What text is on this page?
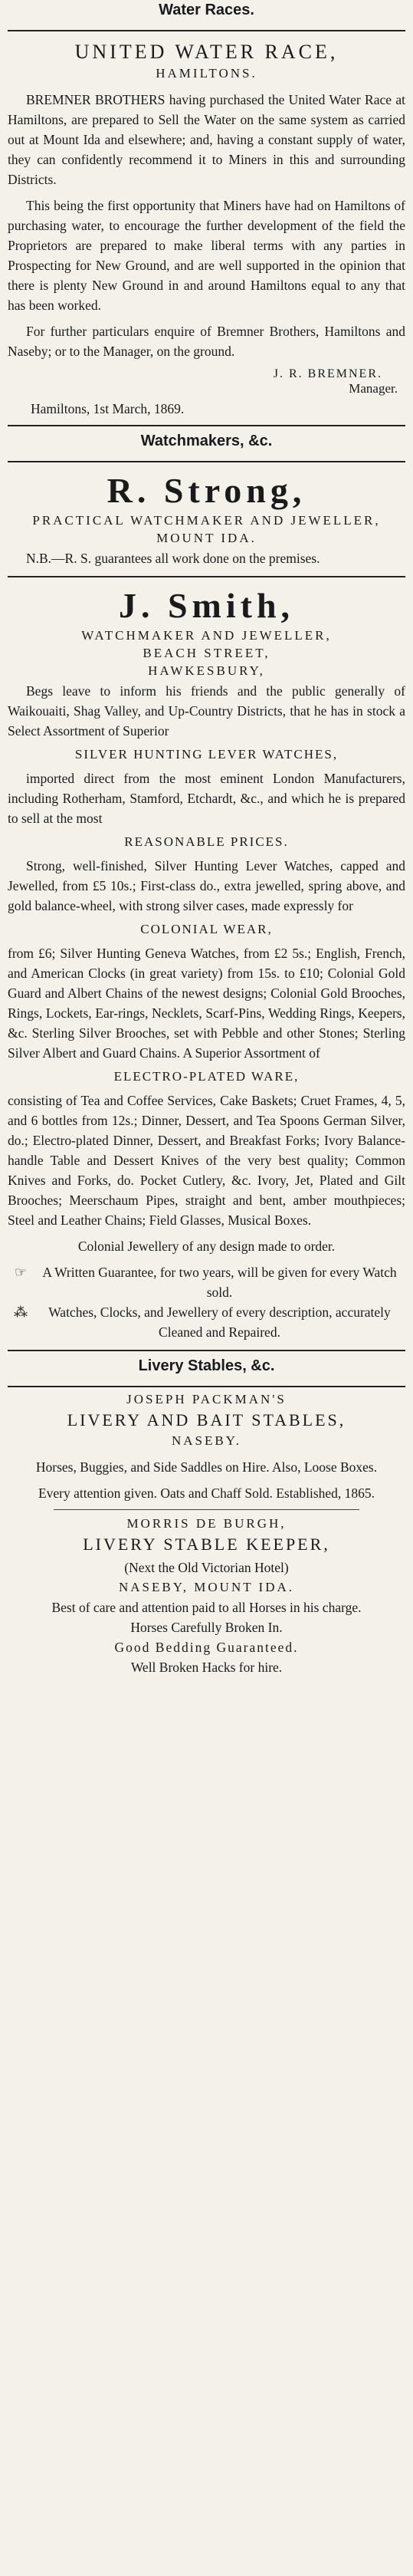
Water Races.
UNITED WATER RACE,
HAMILTONS.

BREMNER BROTHERS having purchased the United Water Race at Hamiltons, are prepared to Sell the Water on the same system as carried out at Mount Ida and elsewhere; and, having a constant supply of water, they can confidently recommend it to Miners in this and surrounding Districts.

This being the first opportunity that Miners have had on Hamiltons of purchasing water, to encourage the further development of the field the Proprietors are prepared to make liberal terms with any parties in Prospecting for New Ground, and are well supported in the opinion that there is plenty New Ground in and around Hamiltons equal to any that has been worked.

For further particulars enquire of Bremner Brothers, Hamiltons and Naseby; or to the Manager, on the ground.

J. R. BREMNER.
Manager.
Hamiltons, 1st March, 1869.
Watchmakers, &c.
R. Strong,
PRACTICAL WATCHMAKER AND JEWELLER,
MOUNT IDA.

N.B.—R. S. guarantees all work done on the premises.

J. Smith,
WATCHMAKER AND JEWELLER,
BEACH STREET,
HAWKESBURY,

Begs leave to inform his friends and the public generally of Waikouaiti, Shag Valley, and Up-Country Districts, that he has in stock a Select Assortment of Superior

SILVER HUNTING LEVER WATCHES,

imported direct from the most eminent London Manufacturers, including Rotherham, Stamford, Etchardt, &c., and which he is prepared to sell at the most

REASONABLE PRICES.

Strong, well-finished, Silver Hunting Lever Watches, capped and Jewelled, from £5 10s.; First-class do., extra jewelled, spring above, and gold balance-wheel, with strong silver cases, made expressly for

COLONIAL WEAR,

from £6; Silver Hunting Geneva Watches, from £2 5s.; English, French, and American Clocks (in great variety) from 15s. to £10; Colonial Gold Guard and Albert Chains of the newest designs; Colonial Gold Brooches, Rings, Lockets, Ear-rings, Necklets, Scarf-Pins, Wedding Rings, Keepers, &c. Sterling Silver Brooches, set with Pebble and other Stones; Sterling Silver Albert and Guard Chains. A Superior Assortment of

ELECTRO-PLATED WARE,

consisting of Tea and Coffee Services, Cake Baskets; Cruet Frames, 4, 5, and 6 bottles from 12s.; Dinner, Dessert, and Tea Spoons German Silver, do.; Electro-plated Dinner, Dessert, and Breakfast Forks; Ivory Balance-handle Table and Dessert Knives of the very best quality; Common Knives and Forks, do. Pocket Cutlery, &c. Ivory, Jet, Plated and Gilt Brooches; Meerschaum Pipes, straight and bent, amber mouthpieces; Steel and Leather Chains; Field Glasses, Musical Boxes.

Colonial Jewellery of any design made to order.

☞	A Written Guarantee, for two years, will be given for every Watch sold.
⁂	Watches, Clocks, and Jewellery of every description, accurately Cleaned and Repaired.
Livery Stables, &c.
JOSEPH PACKMAN'S
LIVERY AND BAIT STABLES,
NASEBY.

Horses, Buggies, and Side Saddles on Hire. Also, Loose Boxes.

Every attention given. Oats and Chaff Sold. Established, 1865.

MORRIS DE BURGH,
LIVERY STABLE KEEPER,
(Next the Old Victorian Hotel)
NASEBY, MOUNT IDA.

Best of care and attention paid to all Horses in his charge.

Horses Carefully Broken In.

Good Bedding Guaranteed.

Well Broken Hacks for hire.
